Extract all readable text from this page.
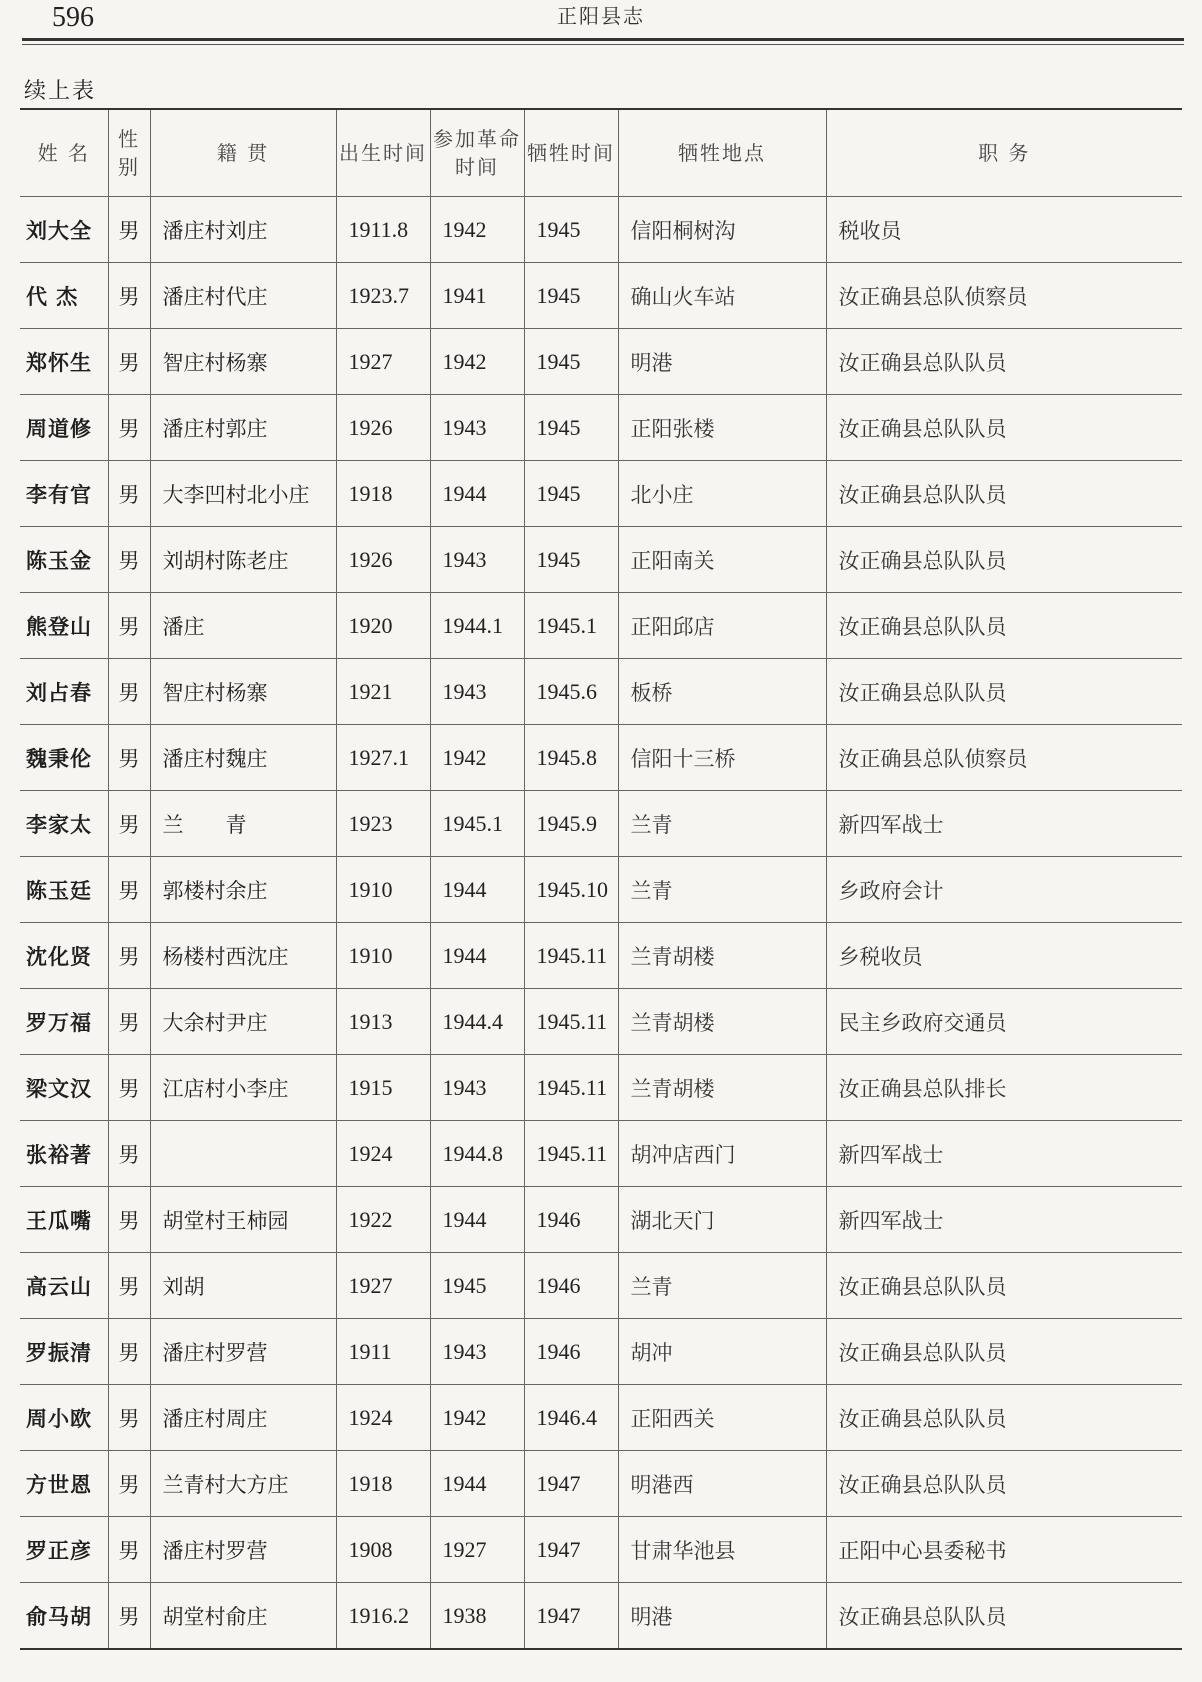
596	正阳县志
续上表
姓 名	性别	籍 贯	出生时间	参加革命时间	牺牲时间	牺牲地点	职 务
刘大全	男	潘庄村刘庄	1911.8	1942	1945	信阳桐树沟	税收员
代 杰	男	潘庄村代庄	1923.7	1941	1945	确山火车站	汝正确县总队侦察员
郑怀生	男	智庄村杨寨	1927	1942	1945	明港	汝正确县总队队员
周道修	男	潘庄村郭庄	1926	1943	1945	正阳张楼	汝正确县总队队员
李有官	男	大李凹村北小庄	1918	1944	1945	北小庄	汝正确县总队队员
陈玉金	男	刘胡村陈老庄	1926	1943	1945	正阳南关	汝正确县总队队员
熊登山	男	潘庄	1920	1944.1	1945.1	正阳邱店	汝正确县总队队员
刘占春	男	智庄村杨寨	1921	1943	1945.6	板桥	汝正确县总队队员
魏秉伦	男	潘庄村魏庄	1927.1	1942	1945.8	信阳十三桥	汝正确县总队侦察员
李家太	男	兰　　青	1923	1945.1	1945.9	兰青	新四军战士
陈玉廷	男	郭楼村余庄	1910	1944	1945.10	兰青	乡政府会计
沈化贤	男	杨楼村西沈庄	1910	1944	1945.11	兰青胡楼	乡税收员
罗万福	男	大余村尹庄	1913	1944.4	1945.11	兰青胡楼	民主乡政府交通员
梁文汉	男	江店村小李庄	1915	1943	1945.11	兰青胡楼	汝正确县总队排长
张裕著	男		1924	1944.8	1945.11	胡冲店西门	新四军战士
王瓜嘴	男	胡堂村王柿园	1922	1944	1946	湖北天门	新四军战士
高云山	男	刘胡	1927	1945	1946	兰青	汝正确县总队队员
罗振清	男	潘庄村罗营	1911	1943	1946	胡冲	汝正确县总队队员
周小欧	男	潘庄村周庄	1924	1942	1946.4	正阳西关	汝正确县总队队员
方世恩	男	兰青村大方庄	1918	1944	1947	明港西	汝正确县总队队员
罗正彦	男	潘庄村罗营	1908	1927	1947	甘肃华池县	正阳中心县委秘书
俞马胡	男	胡堂村俞庄	1916.2	1938	1947	明港	汝正确县总队队员
